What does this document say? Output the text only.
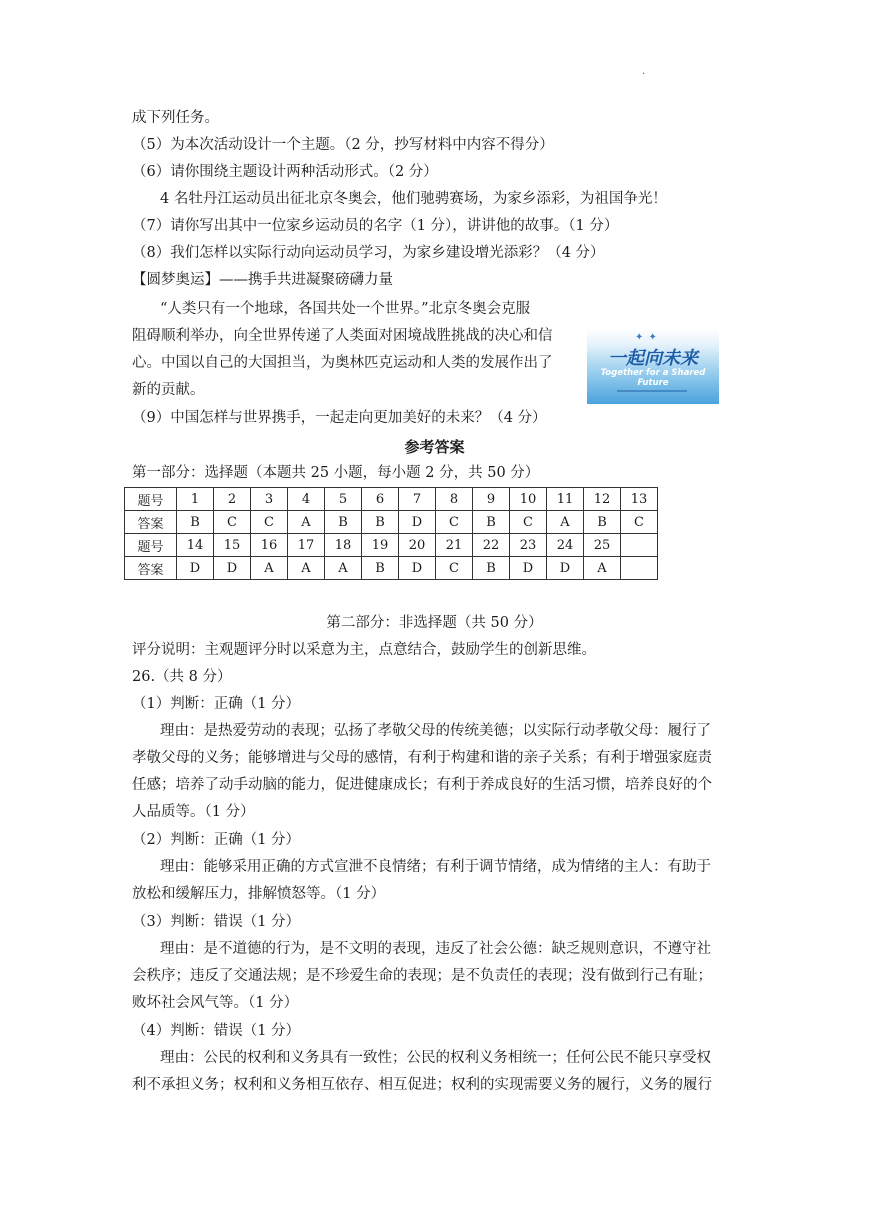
.
成下列任务。
（5）为本次活动设计一个主题。（2 分，抄写材料中内容不得分）
（6）请你围绕主题设计两种活动形式。（2 分）
4 名牡丹江运动员出征北京冬奥会，他们驰骋赛场，为家乡添彩，为祖国争光！
（7）请你写出其中一位家乡运动员的名字（1 分），讲讲他的故事。（1 分）
（8）我们怎样以实际行动向运动员学习，为家乡建设增光添彩？（4 分）
【圆梦奥运】——携手共进凝聚磅礴力量
“人类只有一个地球，各国共处一个世界。”北京冬奥会克服
阻碍顺利举办，向全世界传递了人类面对困境战胜挑战的决心和信
心。中国以自己的大国担当，为奥林匹克运动和人类的发展作出了
新的贡献。
（9）中国怎样与世界携手，一起走向更加美好的未来？（4 分）
✦ ✦
一起向未来
Together for a Shared Future
参考答案
第一部分：选择题（本题共 25 小题，每小题 2 分，共 50 分）
题号	1	2	3	4	5	6	7	8	9	10	11	12	13
答案	B	C	C	A	B	B	D	C	B	C	A	B	C
题号	14	15	16	17	18	19	20	21	22	23	24	25	
答案	D	D	A	A	A	B	D	C	B	D	D	A	
第二部分：非选择题（共 50 分）
评分说明：主观题评分时以采意为主，点意结合，鼓励学生的创新思维。
26.（共 8 分）
（1）判断：正确（1 分）
理由：是热爱劳动的表现；弘扬了孝敬父母的传统美德；以实际行动孝敬父母：履行了
孝敬父母的义务；能够增进与父母的感情，有利于构建和谐的亲子关系；有利于增强家庭责
任感；培养了动手动脑的能力，促进健康成长；有利于养成良好的生活习惯，培养良好的个
人品质等。（1 分）
（2）判断：正确（1 分）
理由：能够采用正确的方式宣泄不良情绪；有利于调节情绪，成为情绪的主人：有助于
放松和缓解压力，排解愤怒等。（1 分）
（3）判断：错误（1 分）
理由：是不道德的行为，是不文明的表现，违反了社会公德：缺乏规则意识，不遵守社
会秩序；违反了交通法规；是不珍爱生命的表现；是不负责任的表现；没有做到行己有耻；
败坏社会风气等。（1 分）
（4）判断：错误（1 分）
理由：公民的权利和义务具有一致性；公民的权利义务相统一；任何公民不能只享受权
利不承担义务；权利和义务相互依存、相互促进；权利的实现需要义务的履行，义务的履行
